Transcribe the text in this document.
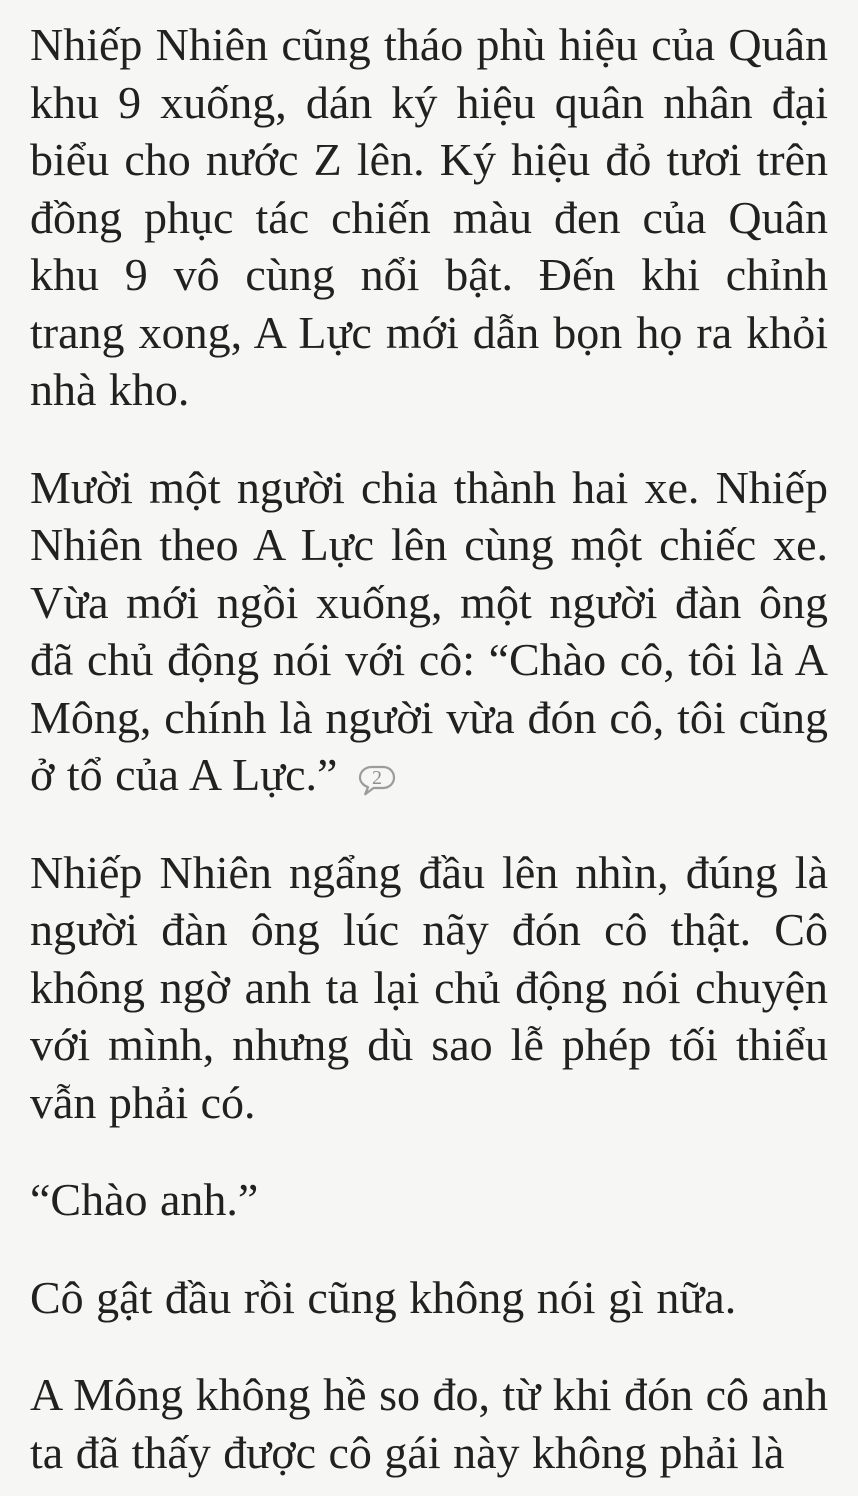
Nhiếp Nhiên cũng tháo phù hiệu của Quân khu 9 xuống, dán ký hiệu quân nhân đại biểu cho nước Z lên. Ký hiệu đỏ tươi trên đồng phục tác chiến màu đen của Quân khu 9 vô cùng nổi bật. Đến khi chỉnh trang xong, A Lực mới dẫn bọn họ ra khỏi nhà kho.

Mười một người chia thành hai xe. Nhiếp Nhiên theo A Lực lên cùng một chiếc xe. Vừa mới ngồi xuống, một người đàn ông đã chủ động nói với cô: “Chào cô, tôi là A Mông, chính là người vừa đón cô, tôi cũng ở tổ của A Lực.”	2

Nhiếp Nhiên ngẩng đầu lên nhìn, đúng là người đàn ông lúc nãy đón cô thật. Cô không ngờ anh ta lại chủ động nói chuyện với mình, nhưng dù sao lễ phép tối thiểu vẫn phải có.

“Chào anh.”

Cô gật đầu rồi cũng không nói gì nữa.

A Mông không hề so đo, từ khi đón cô anh ta đã thấy được cô gái này không phải là
